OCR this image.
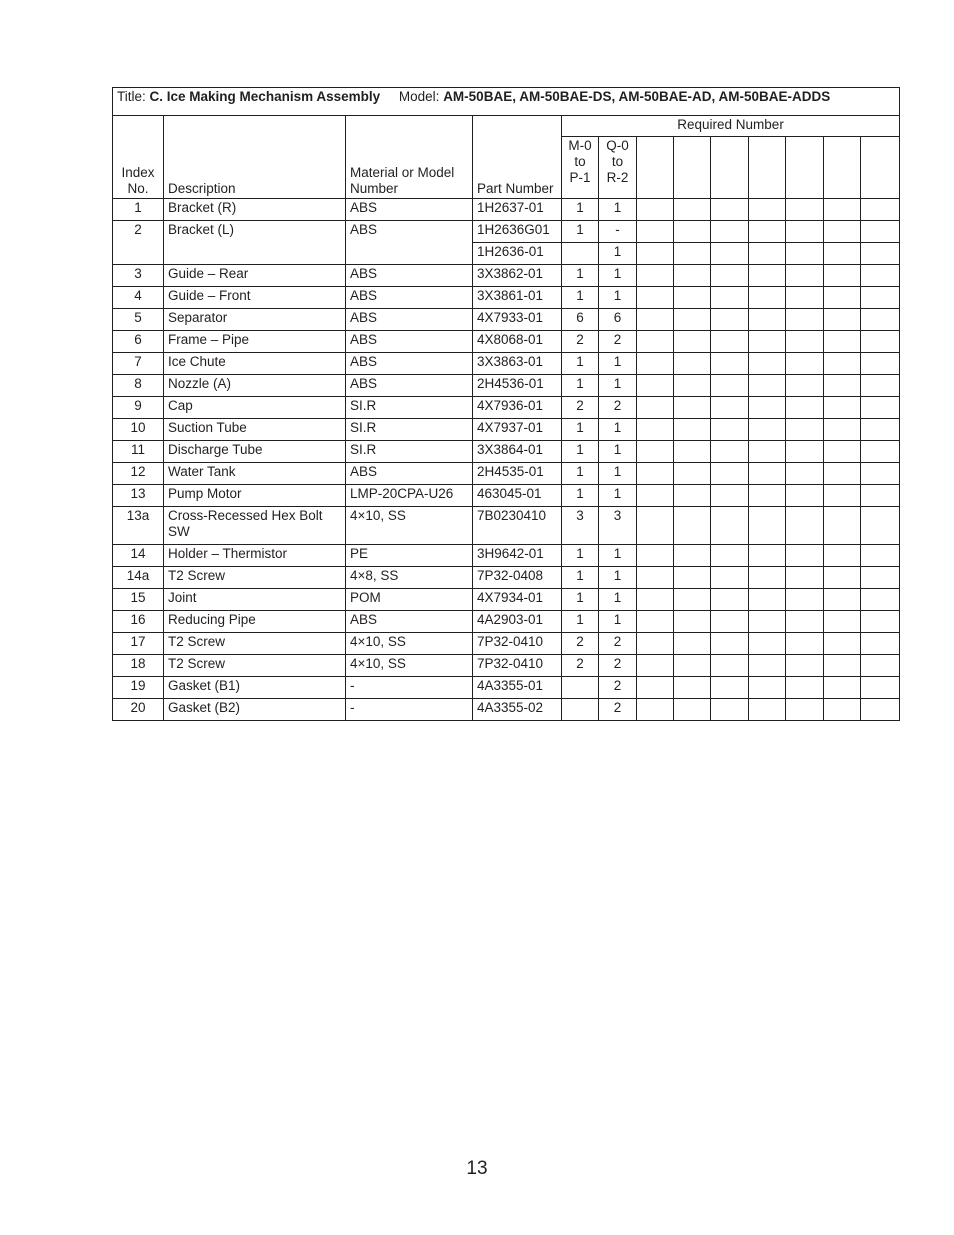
Title: C. Ice Making Mechanism Assembly Model: AM-50BAE, AM-50BAE-DS, AM-50BAE-AD, AM-50BAE-ADDS												
Index No.	Description	Material or Model Number	Part Number	Required Number								
				M-0 to P-1	Q-0 to R-2							
1	Bracket (R)	ABS	1H2637-01	1	1							
2	Bracket (L)	ABS	1H2636G01	1	-							
			1H2636-01		1							
3	Guide – Rear	ABS	3X3862-01	1	1							
4	Guide – Front	ABS	3X3861-01	1	1							
5	Separator	ABS	4X7933-01	6	6							
6	Frame – Pipe	ABS	4X8068-01	2	2							
7	Ice Chute	ABS	3X3863-01	1	1							
8	Nozzle (A)	ABS	2H4536-01	1	1							
9	Cap	SI.R	4X7936-01	2	2							
10	Suction Tube	SI.R	4X7937-01	1	1							
11	Discharge Tube	SI.R	3X3864-01	1	1							
12	Water Tank	ABS	2H4535-01	1	1							
13	Pump Motor	LMP-20CPA-U26	463045-01	1	1							
13a	Cross-Recessed Hex Bolt SW	4×10, SS	7B0230410	3	3							
14	Holder – Thermistor	PE	3H9642-01	1	1							
14a	T2 Screw	4×8, SS	7P32-0408	1	1							
15	Joint	POM	4X7934-01	1	1							
16	Reducing Pipe	ABS	4A2903-01	1	1							
17	T2 Screw	4×10, SS	7P32-0410	2	2							
18	T2 Screw	4×10, SS	7P32-0410	2	2							
19	Gasket (B1)	-	4A3355-01		2							
20	Gasket (B2)	-	4A3355-02		2							
13
